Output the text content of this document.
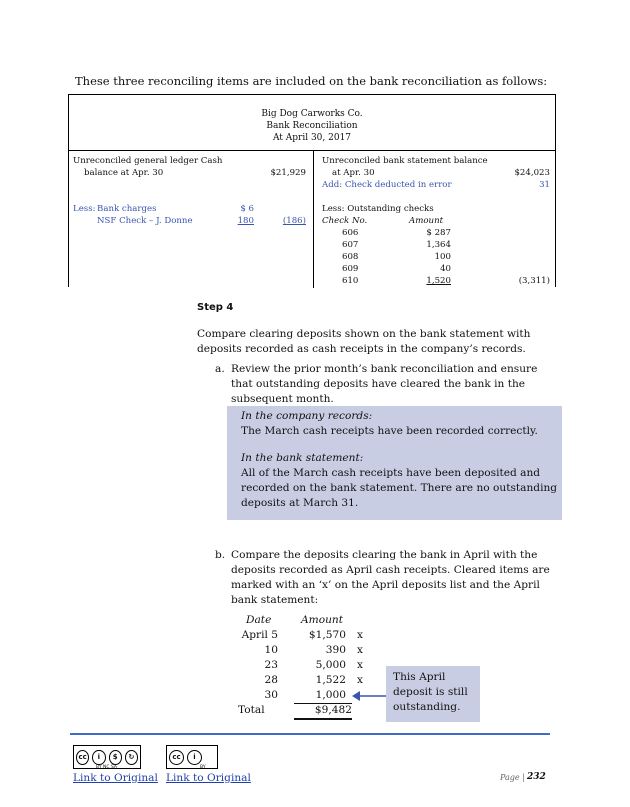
These three reconciling items are included on the bank reconciliation as follows:
Big Dog Carworks Co.
Bank Reconciliation
At April 30, 2017
Unreconciled general ledger Cash
balance at Apr. 30	$21,929
Less: Bank charges	$ 6
NSF Check – J. Donne	180	(186)
Unreconciled bank statement balance
at Apr. 30	$24,023
Add: Check deducted in error	31
Less: Outstanding checks
Check No.	Amount
606	$ 287
607	1,364
608	100
609	40
610	1,520	(3,311)
Step 4
Compare clearing deposits shown on the bank statement with deposits recorded as cash receipts in the company’s records.
a. Review the prior month’s bank reconciliation and ensure that outstanding deposits have cleared the bank in the subsequent month.
In the company records:
The March cash receipts have been recorded correctly.
In the bank statement:
All of the March cash receipts have been deposited and recorded on the bank statement. There are no outstanding deposits at March 31.
b. Compare the deposits clearing the bank in April with the deposits recorded as April cash receipts. Cleared items are marked with an ‘x’ on the April deposits list and the April bank statement:
Date	Amount
April 5	$1,570 x
10	390 x
23	5,000 x
28	1,522 x
30	1,000
Total	$9,482
This April deposit is still outstanding.
cc	i	$	↻
BY NC SA
cc	i
BY
Link to Original Link to Original	Page | 232
